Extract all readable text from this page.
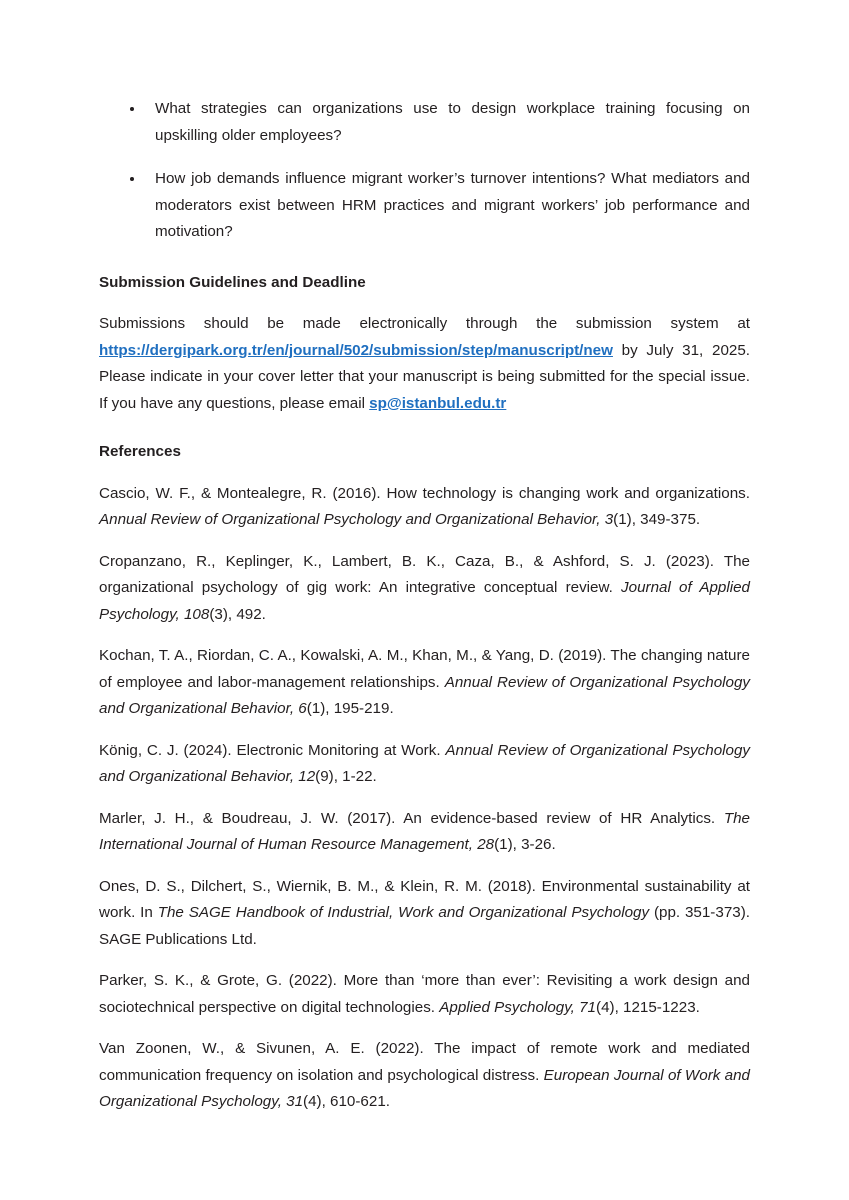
What strategies can organizations use to design workplace training focusing on upskilling older employees?
How job demands influence migrant worker’s turnover intentions? What mediators and moderators exist between HRM practices and migrant workers’ job performance and motivation?

Submission Guidelines and Deadline

Submissions should be made electronically through the submission system at https://dergipark.org.tr/en/journal/502/submission/step/manuscript/new by July 31, 2025. Please indicate in your cover letter that your manuscript is being submitted for the special issue. If you have any questions, please email sp@istanbul.edu.tr

References

Cascio, W. F., & Montealegre, R. (2016). How technology is changing work and organizations. Annual Review of Organizational Psychology and Organizational Behavior, 3(1), 349-375.

Cropanzano, R., Keplinger, K., Lambert, B. K., Caza, B., & Ashford, S. J. (2023). The organizational psychology of gig work: An integrative conceptual review. Journal of Applied Psychology, 108(3), 492.

Kochan, T. A., Riordan, C. A., Kowalski, A. M., Khan, M., & Yang, D. (2019). The changing nature of employee and labor-management relationships. Annual Review of Organizational Psychology and Organizational Behavior, 6(1), 195-219.

König, C. J. (2024). Electronic Monitoring at Work. Annual Review of Organizational Psychology and Organizational Behavior, 12(9), 1-22.

Marler, J. H., & Boudreau, J. W. (2017). An evidence-based review of HR Analytics. The International Journal of Human Resource Management, 28(1), 3-26.

Ones, D. S., Dilchert, S., Wiernik, B. M., & Klein, R. M. (2018). Environmental sustainability at work. In The SAGE Handbook of Industrial, Work and Organizational Psychology (pp. 351-373). SAGE Publications Ltd.

Parker, S. K., & Grote, G. (2022). More than ‘more than ever’: Revisiting a work design and sociotechnical perspective on digital technologies. Applied Psychology, 71(4), 1215-1223.

Van Zoonen, W., & Sivunen, A. E. (2022). The impact of remote work and mediated communication frequency on isolation and psychological distress. European Journal of Work and Organizational Psychology, 31(4), 610-621.
